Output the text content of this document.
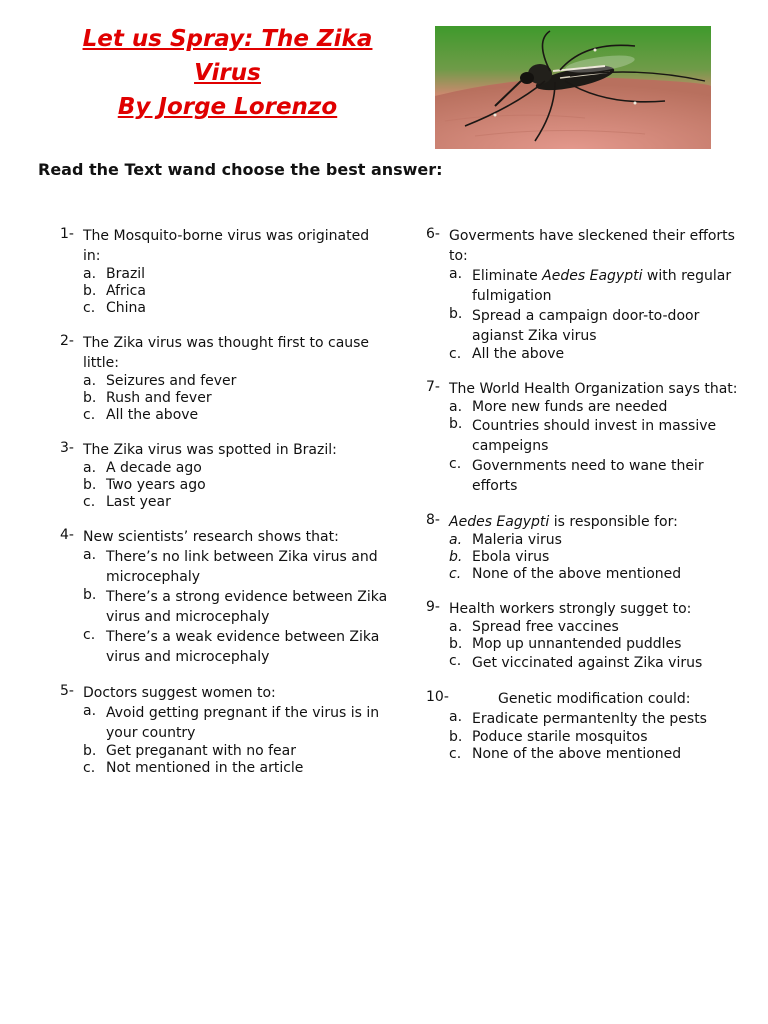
Let us Spray: The Zika
Virus
By Jorge Lorenzo
Read the Text wand choose the best answer:
1- The Mosquito-borne virus was originated in:
a. Brazil
b. Africa
c. China
2- The Zika virus was thought first to cause little:
a. Seizures and fever
b. Rush and fever
c. All the above
3- The Zika virus was spotted in Brazil:
a. A decade ago
b. Two years ago
c. Last year
4- New scientists’ research shows that:
a. There’s no link between Zika virus and microcephaly
b. There’s a strong evidence between Zika virus and microcephaly
c. There’s a weak evidence between Zika virus and microcephaly
5- Doctors suggest women to:
a. Avoid getting pregnant if the virus is in your country
b. Get preganant with no fear
c. Not mentioned in the article
6- Goverments have sleckened their efforts to:
a. Eliminate Aedes Eagypti with regular fulmigation
b. Spread a campaign door-to-door agianst Zika virus
c. All the above
7- The World Health Organization says that:
a. More new funds are needed
b. Countries should invest in massive campeigns
c. Governments need to wane their efforts
8- Aedes Eagypti is responsible for:
a. Maleria virus
b. Ebola virus
c. None of the above mentioned
9- Health workers strongly sugget to:
a. Spread free vaccines
b. Mop up unnantended puddles
c. Get viccinated against Zika virus
10-	Genetic modification could:
a. Eradicate permantenlty the pests
b. Poduce starile mosquitos
c. None of the above mentioned
